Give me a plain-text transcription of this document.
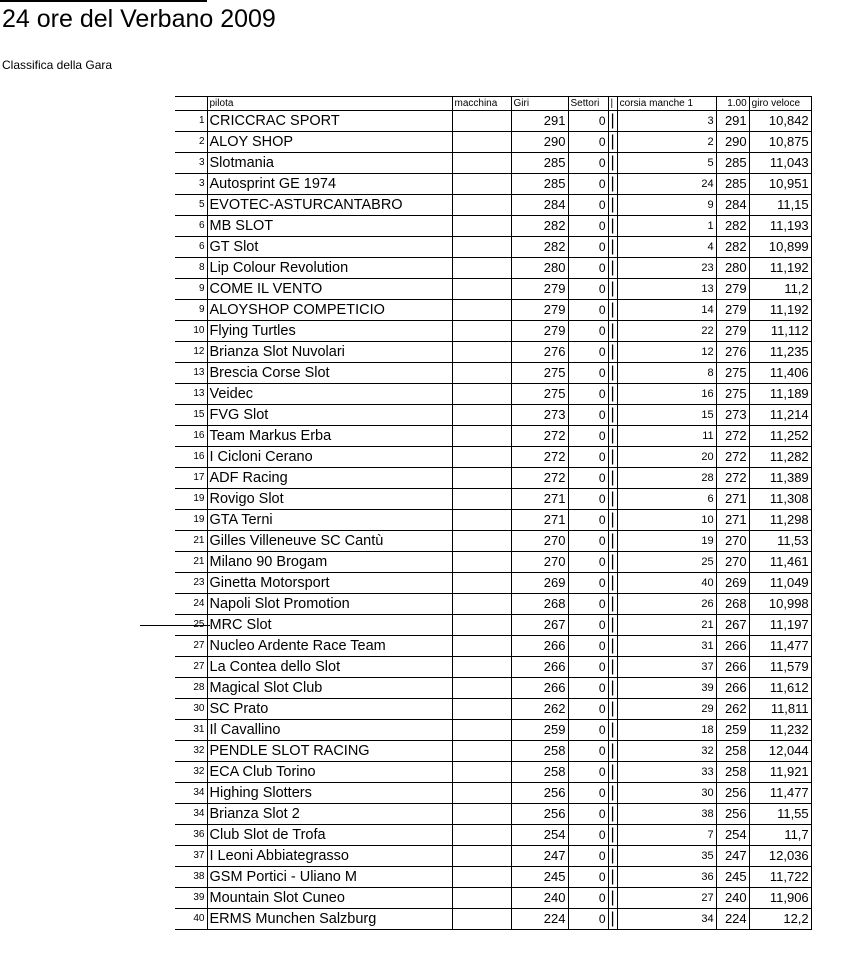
24 ore del Verbano 2009
Classifica della Gara
	pilota	macchina	Giri	Settori	|	corsia manche 1	1.00	giro veloce
1	CRICCRAC SPORT		291	0	|	3	291	10,842
2	ALOY SHOP		290	0	|	2	290	10,875
3	Slotmania		285	0	|	5	285	11,043
3	Autosprint GE 1974		285	0	|	24	285	10,951
5	EVOTEC-ASTURCANTABRO		284	0	|	9	284	11,15
6	MB SLOT		282	0	|	1	282	11,193
6	GT Slot		282	0	|	4	282	10,899
8	Lip Colour Revolution		280	0	|	23	280	11,192
9	COME IL VENTO		279	0	|	13	279	11,2
9	ALOYSHOP COMPETICIO		279	0	|	14	279	11,192
10	Flying Turtles		279	0	|	22	279	11,112
12	Brianza Slot Nuvolari		276	0	|	12	276	11,235
13	Brescia Corse Slot		275	0	|	8	275	11,406
13	Veidec		275	0	|	16	275	11,189
15	FVG Slot		273	0	|	15	273	11,214
16	Team Markus Erba		272	0	|	11	272	11,252
16	I Cicloni Cerano		272	0	|	20	272	11,282
17	ADF Racing		272	0	|	28	272	11,389
19	Rovigo Slot		271	0	|	6	271	11,308
19	GTA Terni		271	0	|	10	271	11,298
21	Gilles Villeneuve SC Cantù		270	0	|	19	270	11,53
21	Milano 90 Brogam		270	0	|	25	270	11,461
23	Ginetta Motorsport		269	0	|	40	269	11,049
24	Napoli Slot Promotion		268	0	|	26	268	10,998
	MRC Slot		267	0	|	21	267	11,197
27	Nucleo Ardente Race Team		266	0	|	31	266	11,477
27	La Contea dello Slot		266	0	|	37	266	11,579
28	Magical Slot Club		266	0	|	39	266	11,612
30	SC Prato		262	0	|	29	262	11,811
31	Il Cavallino		259	0	|	18	259	11,232
32	PENDLE SLOT RACING		258	0	|	32	258	12,044
32	ECA Club Torino		258	0	|	33	258	11,921
34	Highing Slotters		256	0	|	30	256	11,477
34	Brianza Slot 2		256	0	|	38	256	11,55
36	Club Slot de Trofa		254	0	|	7	254	11,7
37	I Leoni Abbiategrasso		247	0	|	35	247	12,036
38	GSM Portici - Uliano M		245	0	|	36	245	11,722
39	Mountain Slot Cuneo		240	0	|	27	240	11,906
40	ERMS Munchen Salzburg		224	0	|	34	224	12,2
